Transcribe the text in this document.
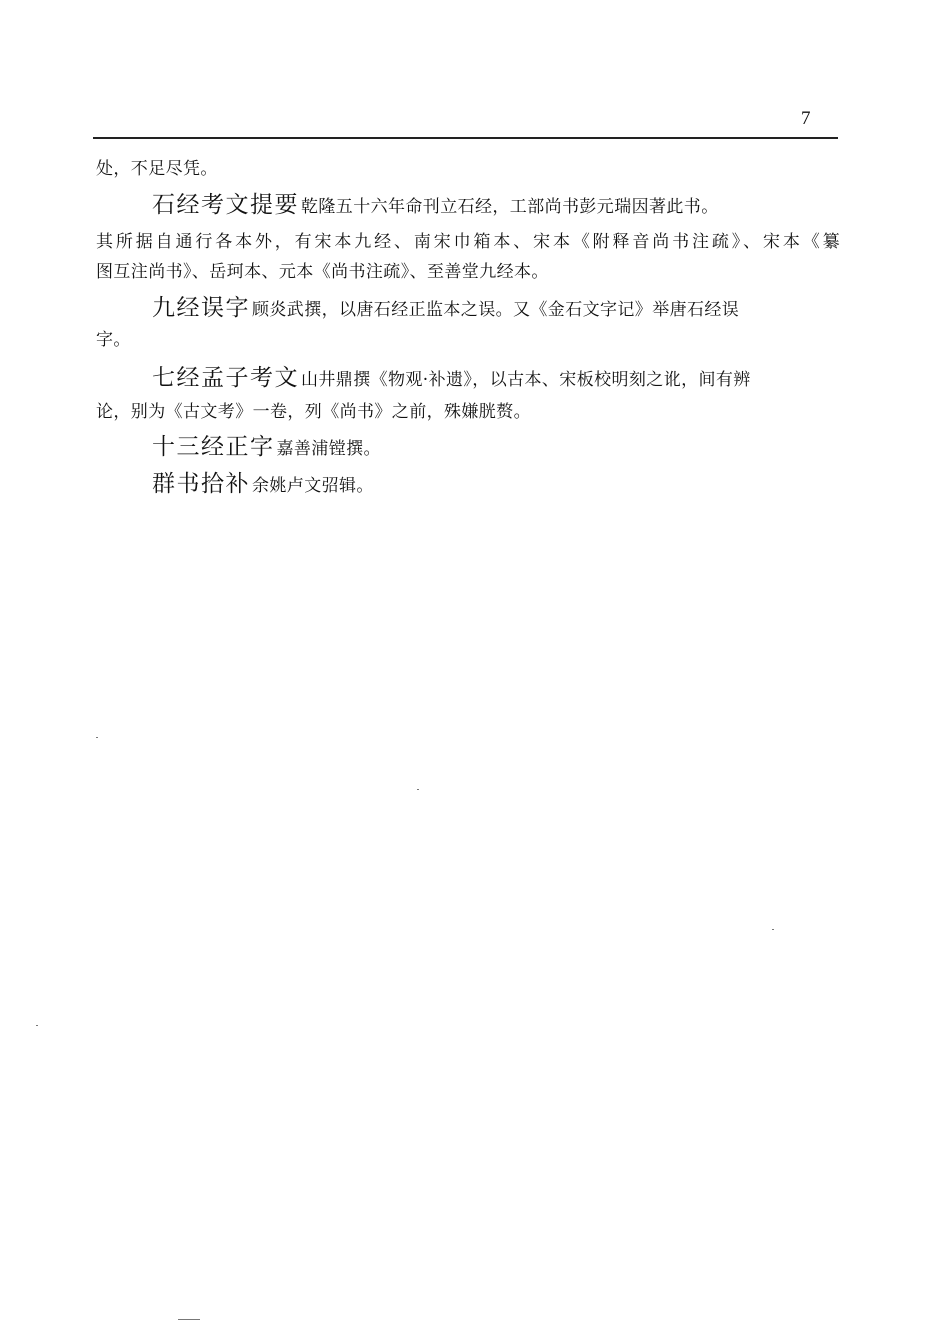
7
处，不足尽凭。
石经考文提要 乾隆五十六年命刊立石经，工部尚书彭元瑞因著此书。
其所据自通行各本外，有宋本九经、南宋巾箱本、宋本《附释音尚书注疏》、宋本《纂
图互注尚书》、岳珂本、元本《尚书注疏》、至善堂九经本。
九经误字 顾炎武撰，以唐石经正监本之误。又《金石文字记》举唐石经误
字。
七经孟子考文 山井鼎撰《物观·补遗》，以古本、宋板校明刻之讹，间有辨
论，别为《古文考》一卷，列《尚书》之前，殊嫌胱赘。
十三经正字 嘉善浦镗撰。
群书拾补 余姚卢文弨辑。
